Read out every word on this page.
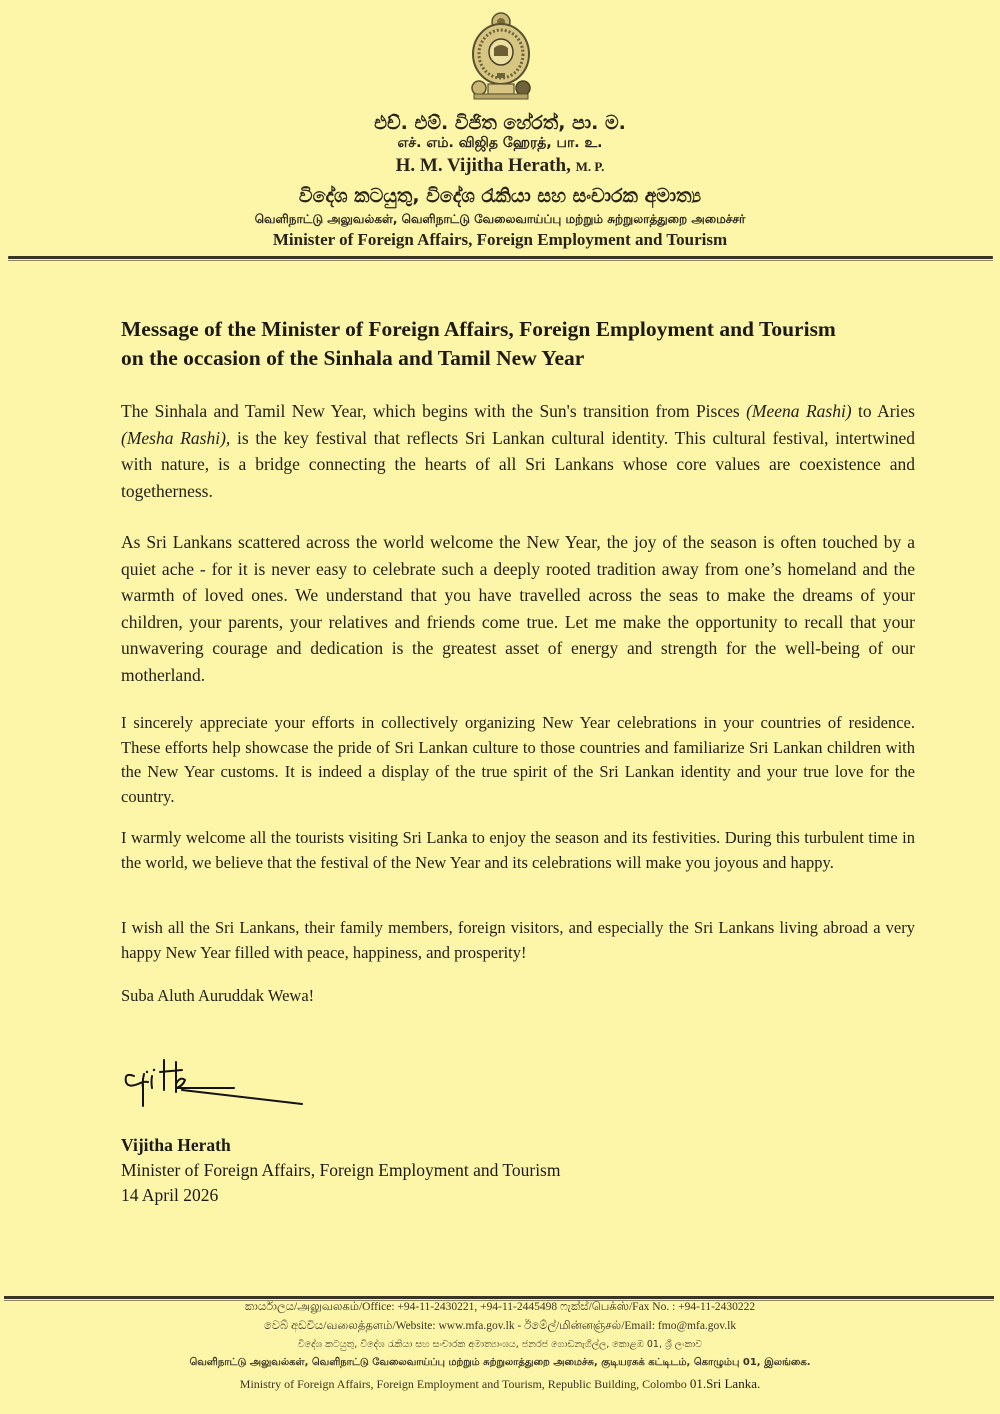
එච්. එම්. විජිත හේරත්, පා. ම.
எச். எம். விஜித ஹேரத், பா. உ.
H. M. Vijitha Herath, M. P.
විදේශ කටයුතු, විදේශ රැකියා සහ සංචාරක අමාත්‍ය
வெளிநாட்டு அலுவல்கள், வெளிநாட்டு வேலைவாய்ப்பு மற்றும் சுற்றுலாத்துறை அமைச்சர்
Minister of Foreign Affairs, Foreign Employment and Tourism
Message of the Minister of Foreign Affairs, Foreign Employment and Tourism
on the occasion of the Sinhala and Tamil New Year
The Sinhala and Tamil New Year, which begins with the Sun's transition from Pisces (Meena Rashi) to Aries (Mesha Rashi), is the key festival that reflects Sri Lankan cultural identity. This cultural festival, intertwined with nature, is a bridge connecting the hearts of all Sri Lankans whose core values are coexistence and togetherness.
As Sri Lankans scattered across the world welcome the New Year, the joy of the season is often touched by a quiet ache - for it is never easy to celebrate such a deeply rooted tradition away from one’s homeland and the warmth of loved ones. We understand that you have travelled across the seas to make the dreams of your children, your parents, your relatives and friends come true. Let me make the opportunity to recall that your unwavering courage and dedication is the greatest asset of energy and strength for the well-being of our motherland.
I sincerely appreciate your efforts in collectively organizing New Year celebrations in your countries of residence. These efforts help showcase the pride of Sri Lankan culture to those countries and familiarize Sri Lankan children with the New Year customs. It is indeed a display of the true spirit of the Sri Lankan identity and your true love for the country.
I warmly welcome all the tourists visiting Sri Lanka to enjoy the season and its festivities. During this turbulent time in the world, we believe that the festival of the New Year and its celebrations will make you joyous and happy.
I wish all the Sri Lankans, their family members, foreign visitors, and especially the Sri Lankans living abroad a very happy New Year filled with peace, happiness, and prosperity!
Suba Aluth Auruddak Wewa!
Vijitha Herath
Minister of Foreign Affairs, Foreign Employment and Tourism
14 April 2026
කාර්යාලය/அலுவலகம்/Office: +94-11-2430221, +94-11-2445498 ෆැක්ස්/பெக்ஸ்/Fax No. : +94-11-2430222
වෙබ් අඩවිය/வலைத்தளம்/Website: www.mfa.gov.lk - ඊමේල්/மின்னஞ்சல்/Email: fmo@mfa.gov.lk
විදේශ කටයුතු, විදේශ රැකියා සහ සංචාරක අමාත්‍යාංශය, ජනරජ ගොඩනැගිල්ල, කොළඹ 01, ශ්‍රී ලංකාව
வெளிநாட்டு அலுவல்கள், வெளிநாட்டு வேலைவாய்ப்பு மற்றும் சுற்றுலாத்துறை அமைச்சு, குடியரசுக் கட்டிடம், கொழும்பு 01, இலங்கை.
Ministry of Foreign Affairs, Foreign Employment and Tourism, Republic Building, Colombo 01.Sri Lanka.
